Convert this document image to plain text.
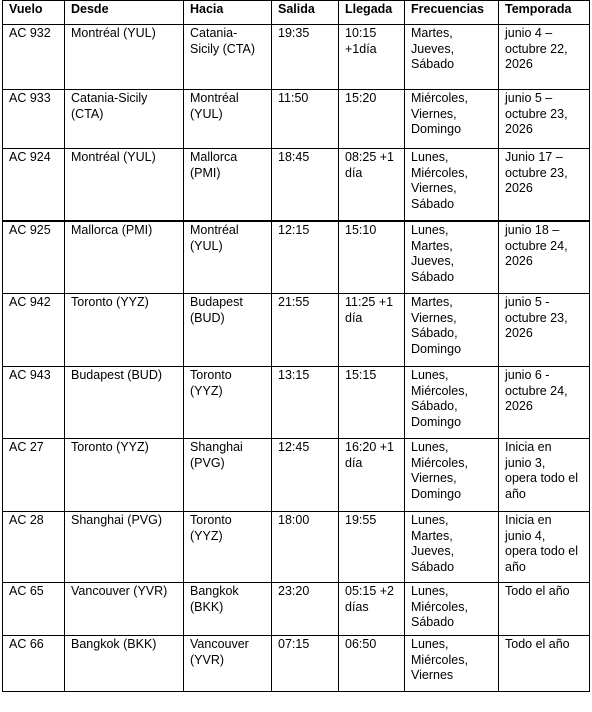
Vuelo	Desde	Hacia	Salida	Llegada	Frecuencias	Temporada
AC 932	Montréal (YUL)	Catania-
Sicily (CTA)	19:35	10:15
+1día	Martes,
Jueves,
Sábado	junio 4 –
octubre 22,
2026
AC 933	Catania-Sicily
(CTA)	Montréal
(YUL)	11:50	15:20	Miércoles,
Viernes,
Domingo	junio 5 –
octubre 23,
2026
AC 924	Montréal (YUL)	Mallorca
(PMI)	18:45	08:25 +1
día	Lunes,
Miércoles,
Viernes,
Sábado	Junio 17 –
octubre 23,
2026
AC 925	Mallorca (PMI)	Montréal
(YUL)	12:15	15:10	Lunes,
Martes,
Jueves,
Sábado	junio 18 –
octubre 24,
2026
AC 942	Toronto (YYZ)	Budapest
(BUD)	21:55	11:25 +1
día	Martes,
Viernes,
Sábado,
Domingo	junio 5 -
octubre 23,
2026
AC 943	Budapest (BUD)	Toronto
(YYZ)	13:15	15:15	Lunes,
Miércoles,
Sábado,
Domingo	junio 6 -
octubre 24,
2026
AC 27	Toronto (YYZ)	Shanghai
(PVG)	12:45	16:20 +1
día	Lunes,
Miércoles,
Viernes,
Domingo	Inicia en
junio 3,
opera todo el
año
AC 28	Shanghai (PVG)	Toronto
(YYZ)	18:00	19:55	Lunes,
Martes,
Jueves,
Sábado	Inicia en
junio 4,
opera todo el
año
AC 65	Vancouver (YVR)	Bangkok
(BKK)	23:20	05:15 +2
días	Lunes,
Miércoles,
Sábado	Todo el año
AC 66	Bangkok (BKK)	Vancouver
(YVR)	07:15	06:50	Lunes,
Miércoles,
Viernes	Todo el año
